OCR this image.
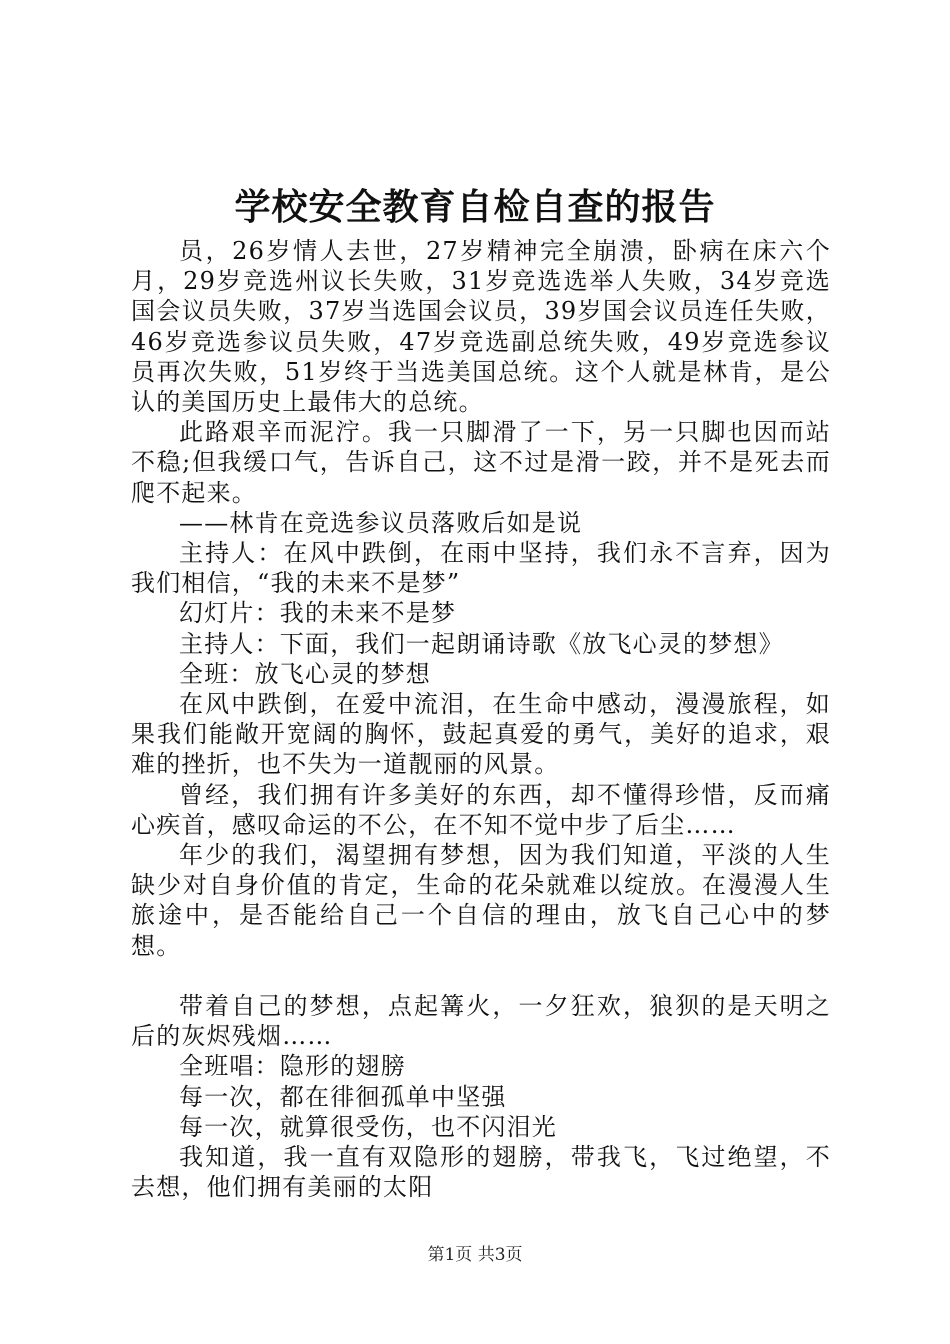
学校安全教育自检自查的报告

员，26岁情人去世，27岁精神完全崩溃，卧病在床六个月，29岁竞选州议长失败，31岁竞选选举人失败，34岁竞选国会议员失败，37岁当选国会议员，39岁国会议员连任失败，46岁竞选参议员失败，47岁竞选副总统失败，49岁竞选参议员再次失败，51岁终于当选美国总统。这个人就是林肯，是公认的美国历史上最伟大的总统。

此路艰辛而泥泞。我一只脚滑了一下，另一只脚也因而站不稳;但我缓口气，告诉自己，这不过是滑一跤，并不是死去而爬不起来。

——林肯在竞选参议员落败后如是说

主持人：在风中跌倒，在雨中坚持，我们永不言弃，因为我们相信，“我的未来不是梦”

幻灯片：我的未来不是梦

主持人：下面，我们一起朗诵诗歌《放飞心灵的梦想》

全班：放飞心灵的梦想

在风中跌倒，在爱中流泪，在生命中感动，漫漫旅程，如果我们能敞开宽阔的胸怀，鼓起真爱的勇气，美好的追求，艰难的挫折，也不失为一道靓丽的风景。

曾经，我们拥有许多美好的东西，却不懂得珍惜，反而痛心疾首，感叹命运的不公，在不知不觉中步了后尘……

年少的我们，渴望拥有梦想，因为我们知道，平淡的人生缺少对自身价值的肯定，生命的花朵就难以绽放。在漫漫人生旅途中，是否能给自己一个自信的理由，放飞自己心中的梦想。

带着自己的梦想，点起篝火，一夕狂欢，狼狈的是天明之后的灰烬残烟……

全班唱：隐形的翅膀

每一次，都在徘徊孤单中坚强

每一次，就算很受伤，也不闪泪光

我知道，我一直有双隐形的翅膀，带我飞，飞过绝望，不去想，他们拥有美丽的太阳

第1页 共3页
